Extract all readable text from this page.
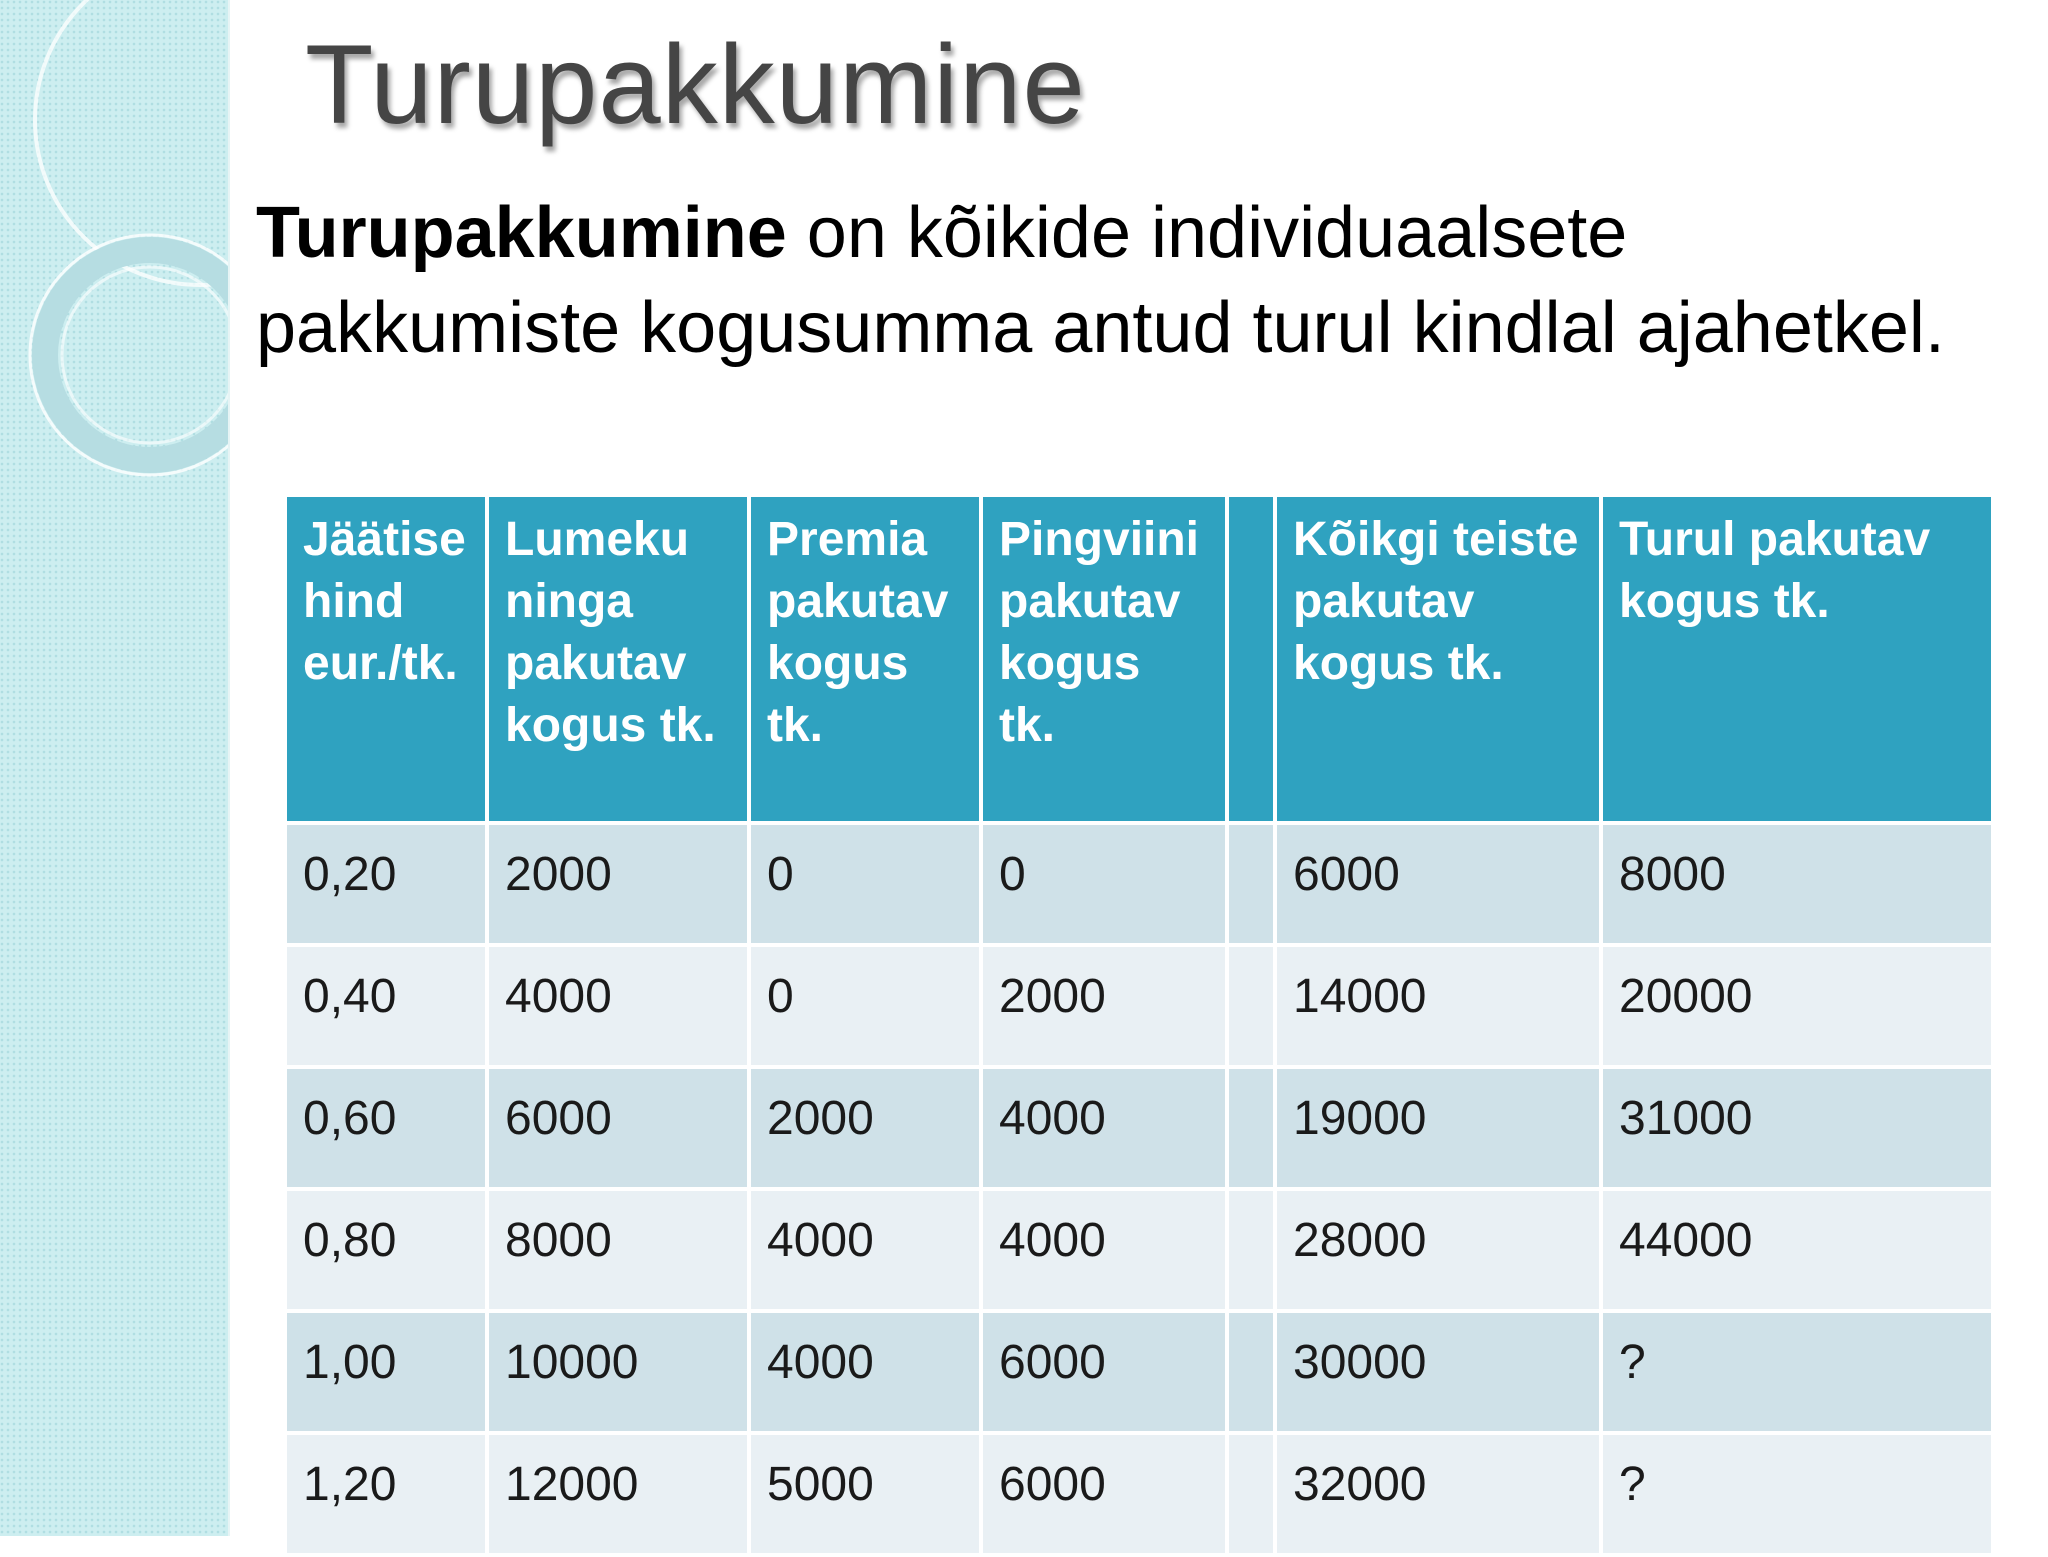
Turupakkumine
Turupakkumine on kõikide individuaalsete pakkumiste kogusumma antud turul kindlal ajahetkel.
Jäätise hind eur./tk.	Lumeku ninga pakutav kogus tk.	Premia pakutav kogus tk.	Pingviini pakutav kogus tk.		Kõikgi teiste pakutav kogus tk.	Turul pakutav kogus tk.
0,20	2000	0	0		6000	8000
0,40	4000	0	2000		14000	20000
0,60	6000	2000	4000		19000	31000
0,80	8000	4000	4000		28000	44000
1,00	10000	4000	6000		30000	?
1,20	12000	5000	6000		32000	?
